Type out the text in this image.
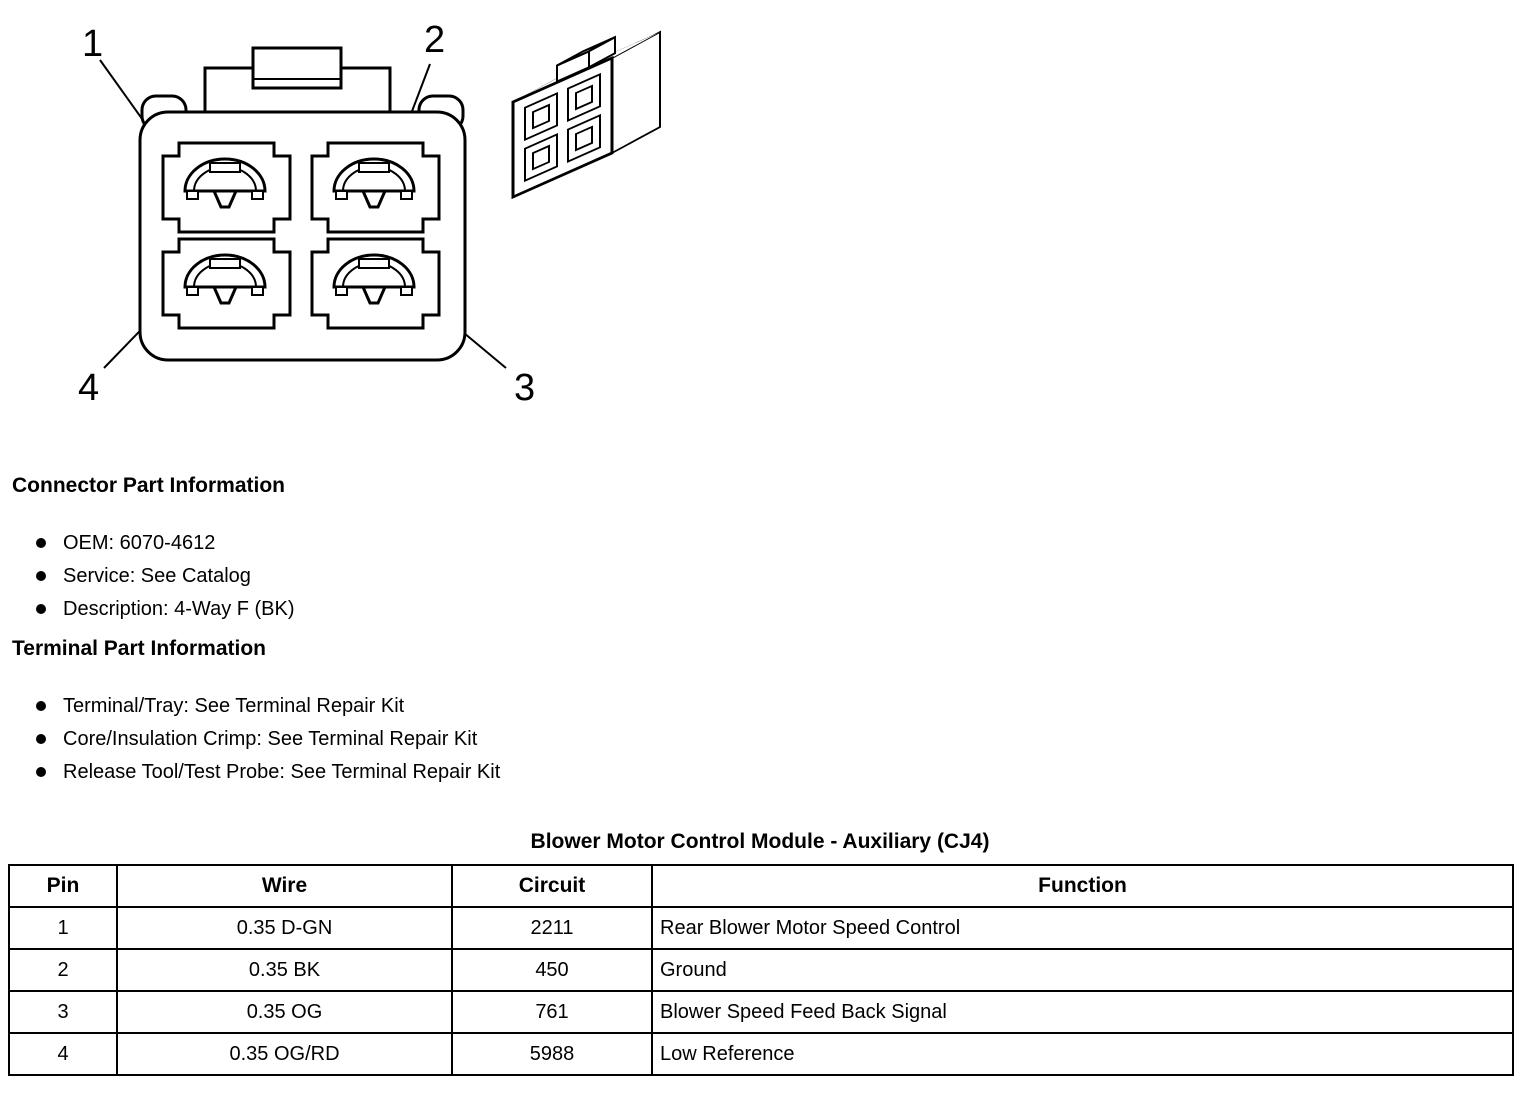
1	2
3
4
Connector Part Information
OEM: 6070-4612
Service: See Catalog
Description: 4-Way F (BK)
Terminal Part Information
Terminal/Tray: See Terminal Repair Kit
Core/Insulation Crimp: See Terminal Repair Kit
Release Tool/Test Probe: See Terminal Repair Kit
Blower Motor Control Module - Auxiliary (CJ4)
Pin	Wire	Circuit	Function
1	0.35 D-GN	2211	Rear Blower Motor Speed Control
2	0.35 BK	450	Ground
3	0.35 OG	761	Blower Speed Feed Back Signal
4	0.35 OG/RD	5988	Low Reference
